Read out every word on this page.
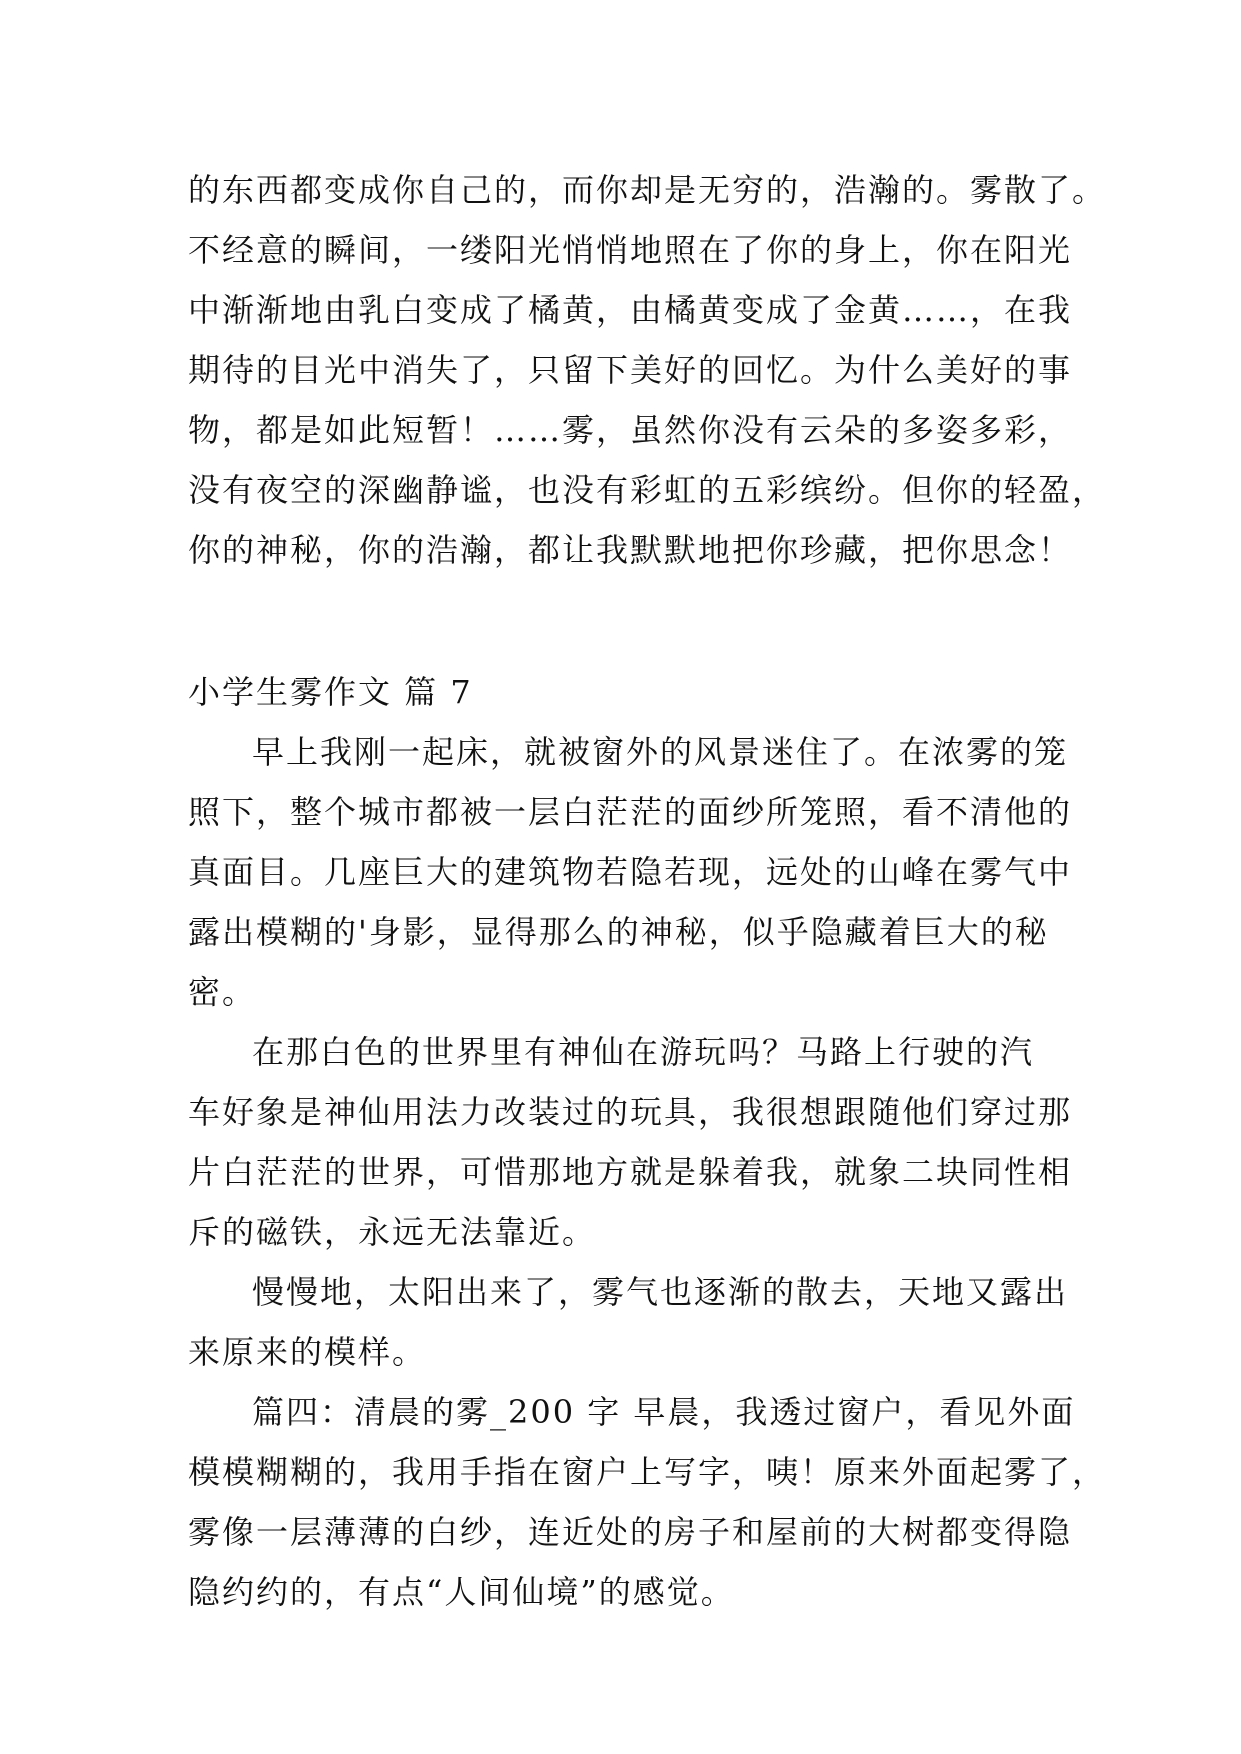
的东西都变成你自己的，而你却是无穷的，浩瀚的。雾散了。
不经意的瞬间，一缕阳光悄悄地照在了你的身上，你在阳光
中渐渐地由乳白变成了橘黄，由橘黄变成了金黄……，在我
期待的目光中消失了，只留下美好的回忆。为什么美好的事
物，都是如此短暂！……雾，虽然你没有云朵的多姿多彩，
没有夜空的深幽静谧，也没有彩虹的五彩缤纷。但你的轻盈，
你的神秘，你的浩瀚，都让我默默地把你珍藏，把你思念！
小学生雾作文 篇 7
早上我刚一起床，就被窗外的风景迷住了。在浓雾的笼
照下，整个城市都被一层白茫茫的面纱所笼照，看不清他的
真面目。几座巨大的建筑物若隐若现，远处的山峰在雾气中
露出模糊的'身影，显得那么的神秘，似乎隐藏着巨大的秘
密。
在那白色的世界里有神仙在游玩吗？马路上行驶的汽
车好象是神仙用法力改装过的玩具，我很想跟随他们穿过那
片白茫茫的世界，可惜那地方就是躲着我，就象二块同性相
斥的磁铁，永远无法靠近。
慢慢地，太阳出来了，雾气也逐渐的散去，天地又露出
来原来的模样。
篇四：清晨的雾_200 字 早晨，我透过窗户，看见外面
模模糊糊的，我用手指在窗户上写字，咦！原来外面起雾了，
雾像一层薄薄的白纱，连近处的房子和屋前的大树都变得隐
隐约约的，有点“人间仙境”的感觉。
